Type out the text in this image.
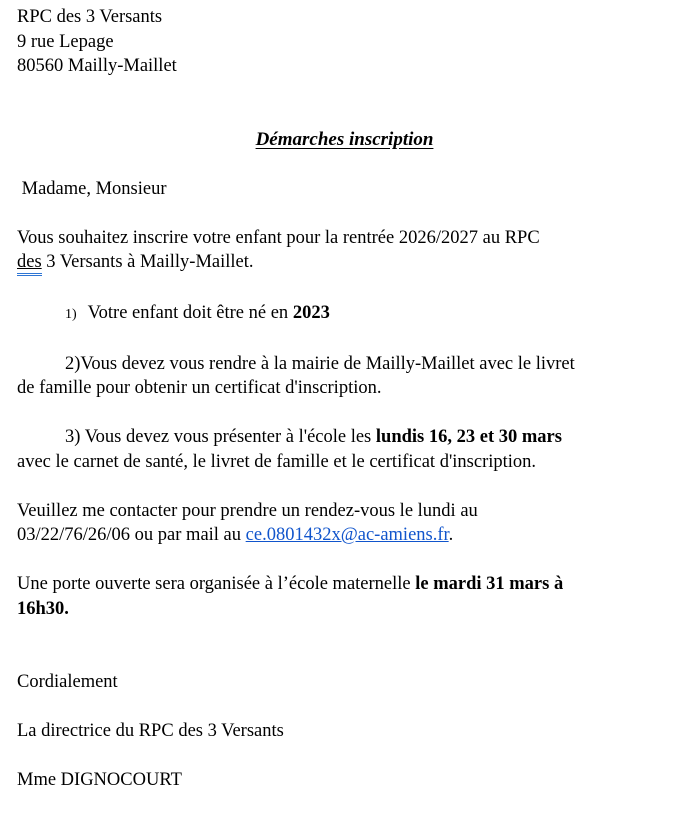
RPC des 3 Versants
9 rue Lepage
80560 Mailly-Maillet
Démarches inscription
Madame, Monsieur
Vous souhaitez inscrire votre enfant pour la rentrée 2026/2027 au RPC
des 3 Versants à Mailly-Maillet.
1) Votre enfant doit être né en 2023
2)Vous devez vous rendre à la mairie de Mailly-Maillet avec le livret
de famille pour obtenir un certificat d'inscription.
3) Vous devez vous présenter à l'école les lundis 16, 23 et 30 mars
avec le carnet de santé, le livret de famille et le certificat d'inscription.
Veuillez me contacter pour prendre un rendez-vous le lundi au
03/22/76/26/06 ou par mail au ce.0801432x@ac-amiens.fr.
Une porte ouverte sera organisée à l’école maternelle le mardi 31 mars à
16h30.
Cordialement
La directrice du RPC des 3 Versants
Mme DIGNOCOURT
